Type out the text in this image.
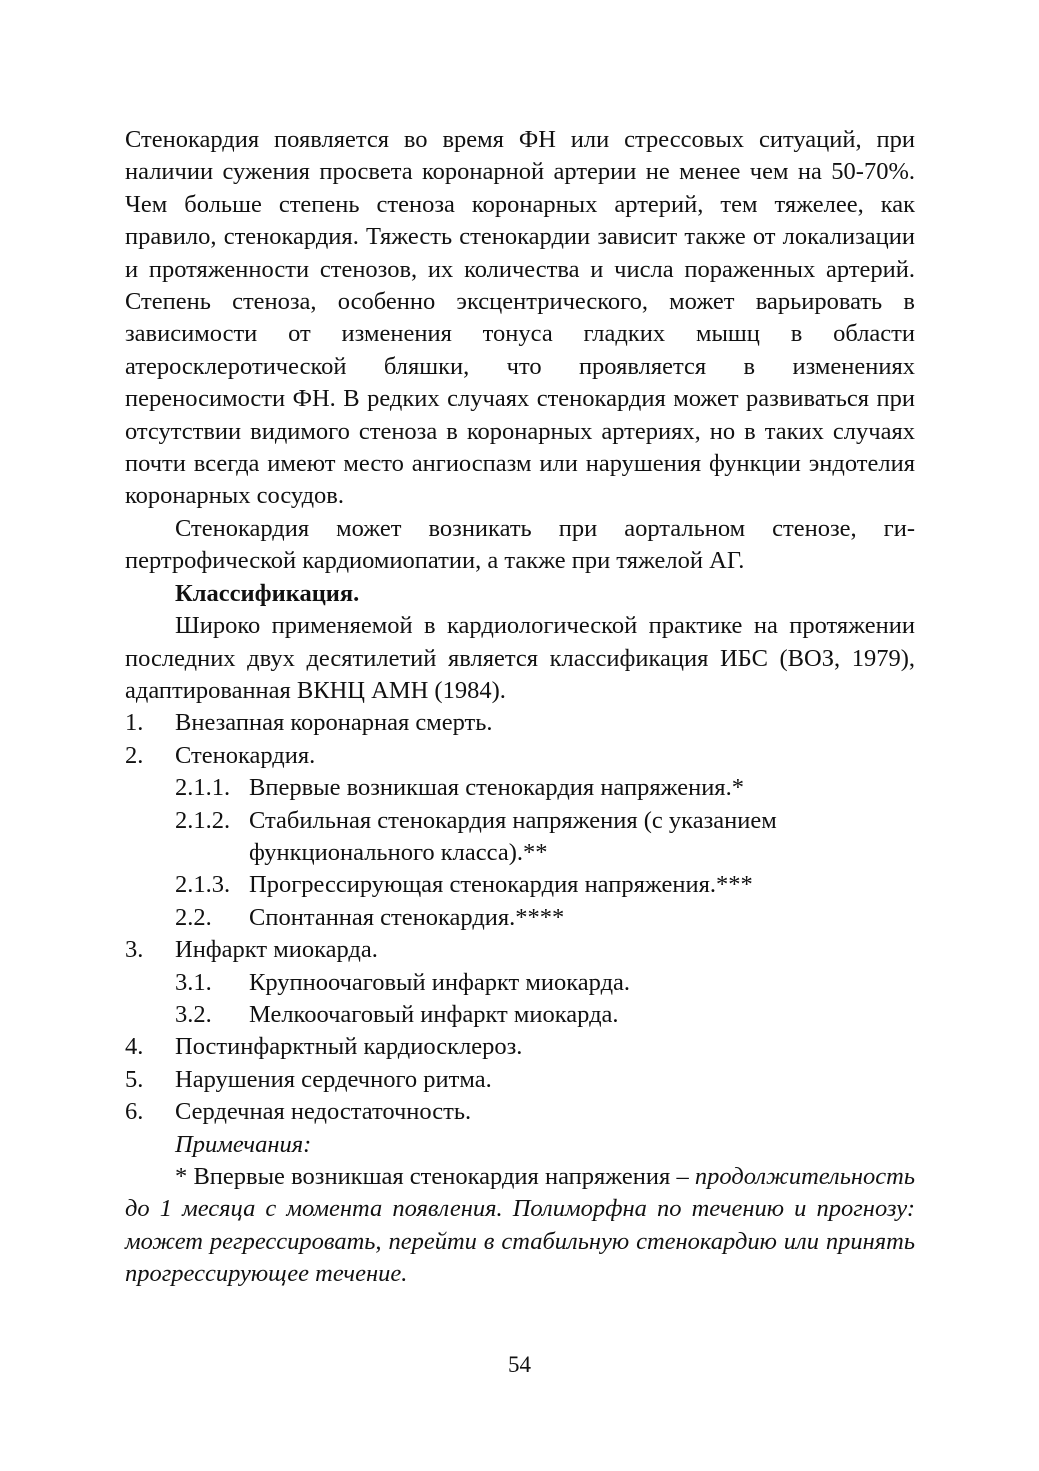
Стенокардия появляется во время ФН или стрессовых ситуаций, при наличии сужения просвета коронарной артерии не менее чем на 50-70%. Чем больше степень стеноза коронарных артерий, тем тяжелее, как правило, стенокардия. Тяжесть стенокардии зависит также от локализации и протяженности стенозов, их количества и числа пораженных артерий. Степень стеноза, особенно эксцентрического, может варьировать в зависимости от изменения тонуса гладких мышц в области атеросклеротической бляшки, что проявляется в изменениях переносимости ФН. В редких случаях стенокардия может развиваться при отсутствии видимого стеноза в коронарных артериях, но в таких случаях почти всегда имеют место ангиоспазм или нарушения функции эндотелия коронарных сосудов.

Стенокардия может возникать при аортальном стенозе, гипертрофической кардиомиопатии, а также при тяжелой АГ.

Классификация.

Широко применяемой в кардиологической практике на протяжении последних двух десятилетий является классификация ИБС (ВОЗ, 1979), адаптированная ВКНЦ АМН (1984).

1. Внезапная коронарная смерть.

2. Стенокардия.

2.1.1. Впервые возникшая стенокардия напряжения.*

2.1.2. Стабильная стенокардия напряжения (с указанием функционального класса).**

2.1.3. Прогрессирующая стенокардия напряжения.***

2.2. Спонтанная стенокардия.****

3. Инфаркт миокарда.

3.1. Крупноочаговый инфаркт миокарда.

3.2. Мелкоочаговый инфаркт миокарда.

4. Постинфарктный кардиосклероз.

5. Нарушения сердечного ритма.

6. Сердечная недостаточность.

Примечания:

* Впервые возникшая стенокардия напряжения – продолжительность до 1 месяца с момента появления. Полиморфна по течению и прогнозу: может регрессировать, перейти в стабильную стенокардию или принять прогрессирующее течение.

54
